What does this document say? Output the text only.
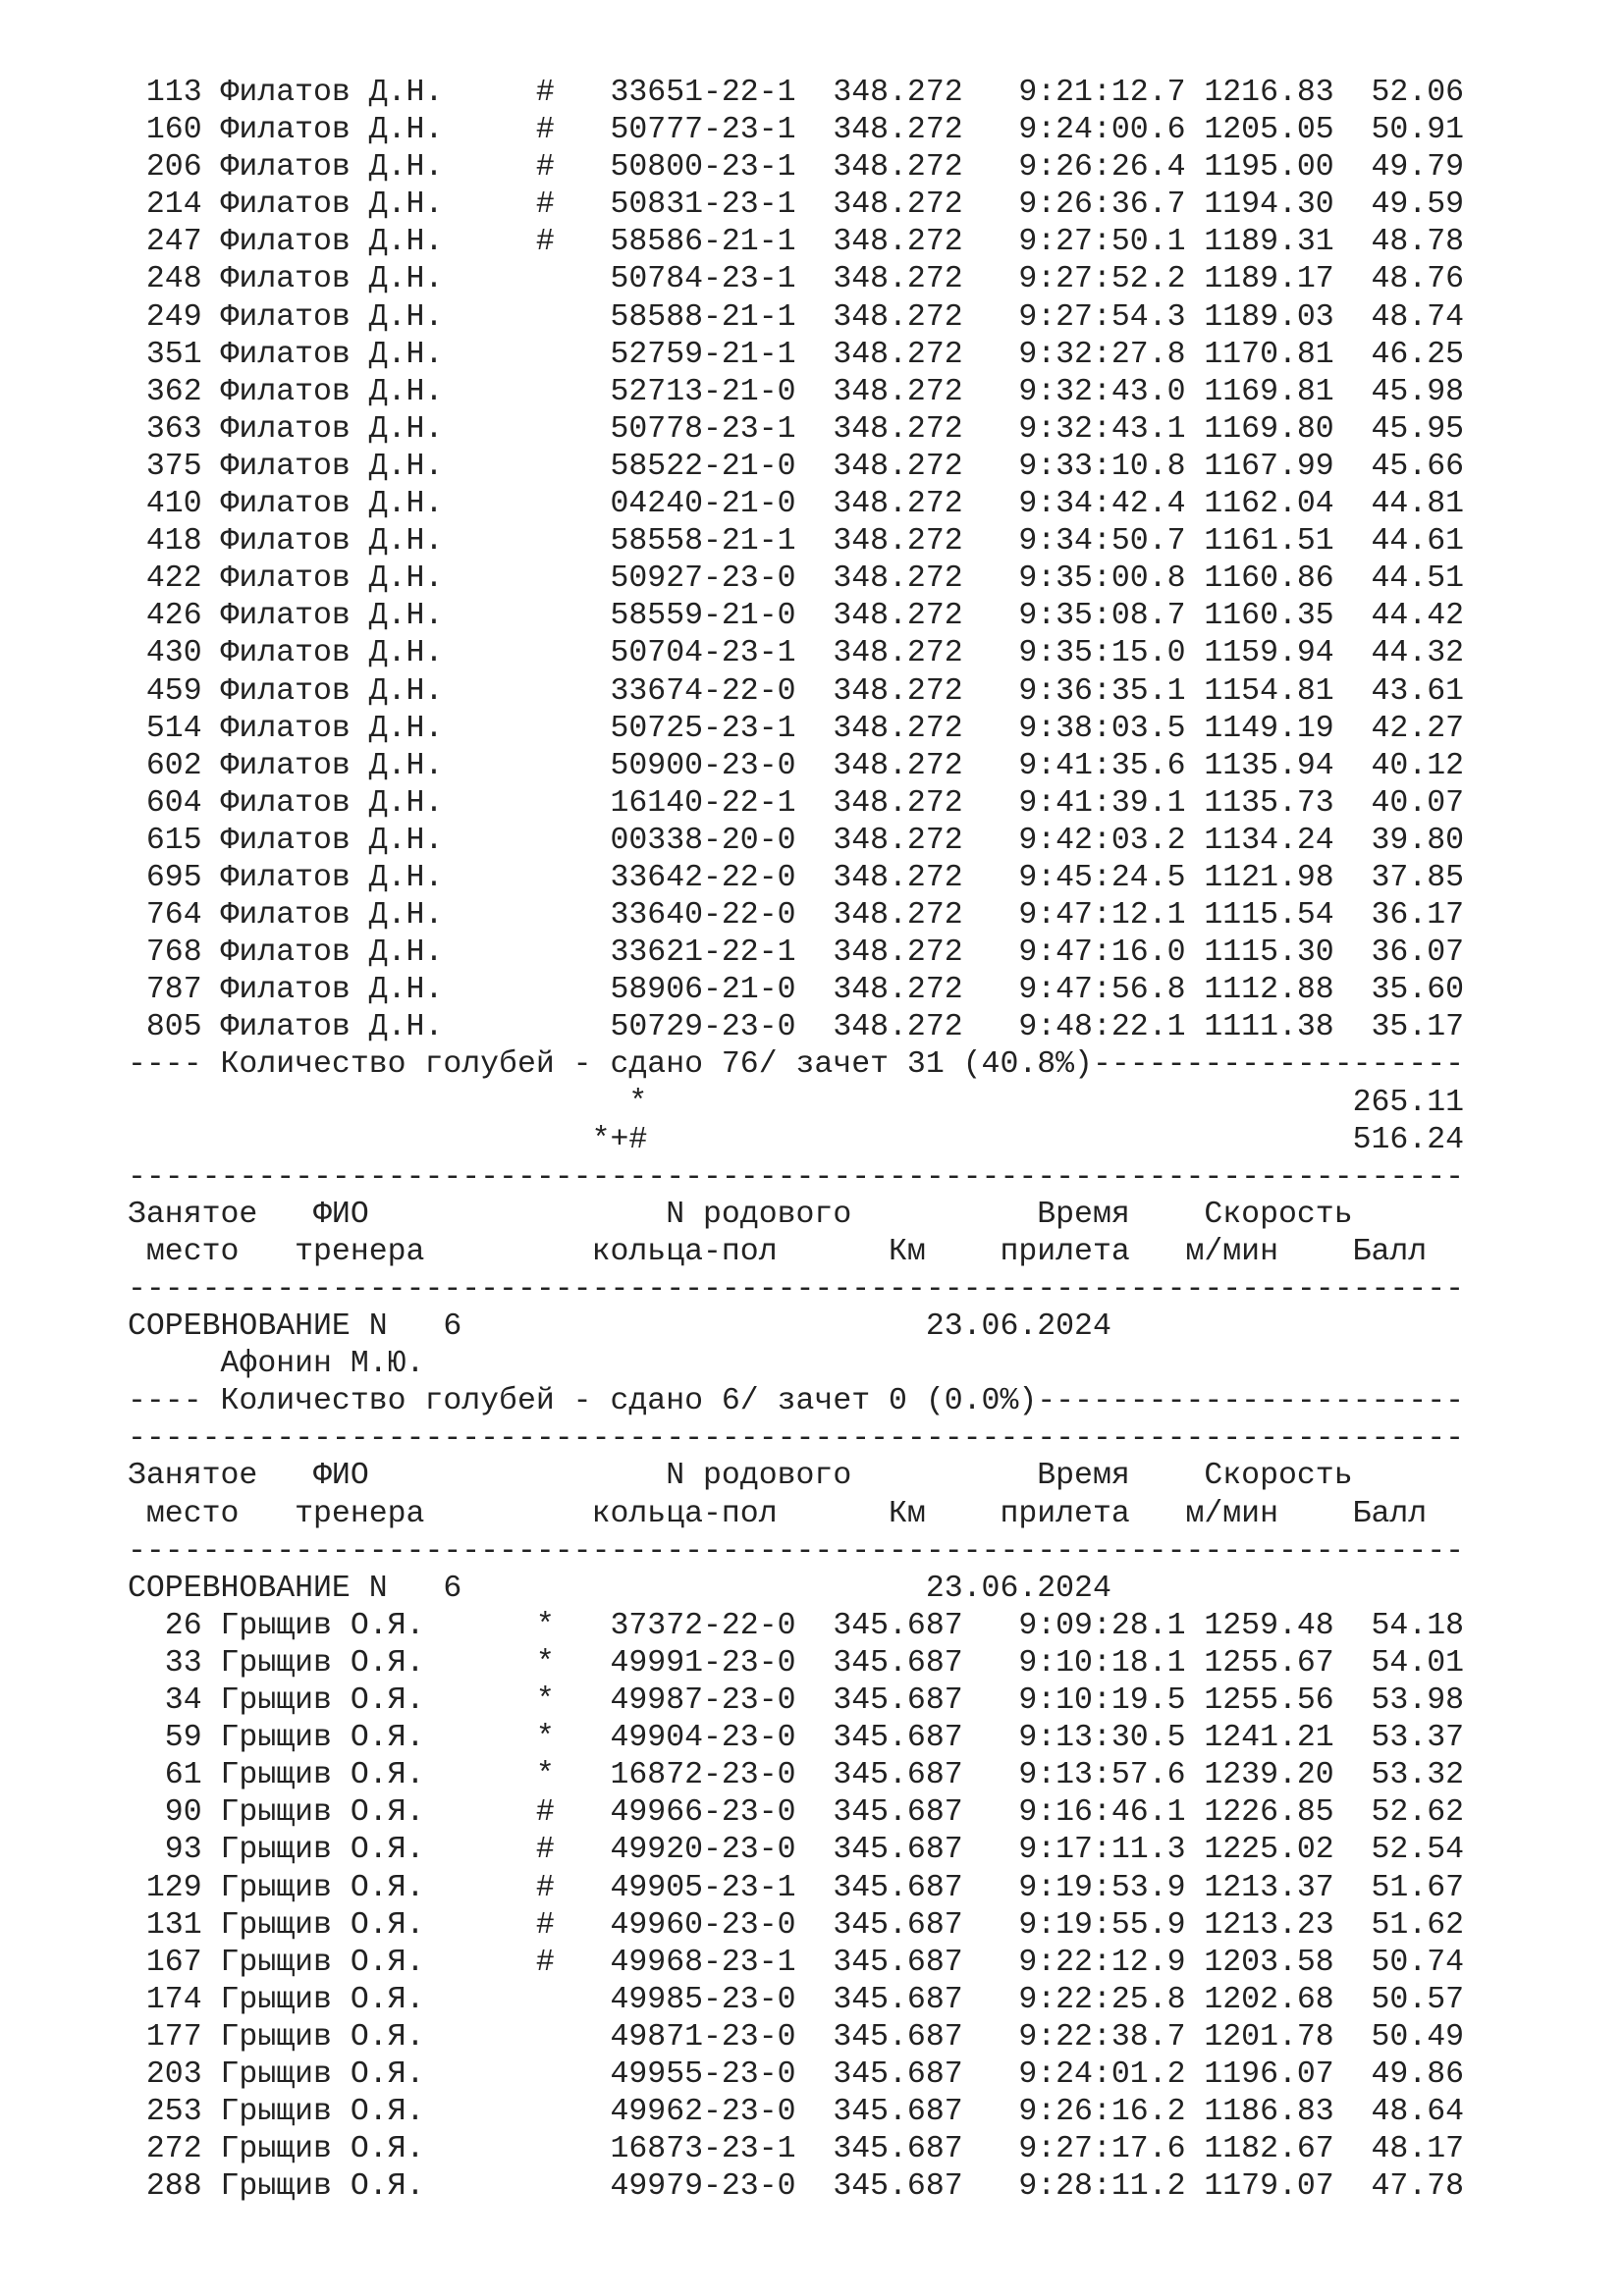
113 Филатов Д.Н.     #   33651-22-1  348.272   9:21:12.7 1216.83  52.06
160 Филатов Д.Н.     #   50777-23-1  348.272   9:24:00.6 1205.05  50.91
206 Филатов Д.Н.     #   50800-23-1  348.272   9:26:26.4 1195.00  49.79
214 Филатов Д.Н.     #   50831-23-1  348.272   9:26:36.7 1194.30  49.59
247 Филатов Д.Н.     #   58586-21-1  348.272   9:27:50.1 1189.31  48.78
248 Филатов Д.Н.         50784-23-1  348.272   9:27:52.2 1189.17  48.76
249 Филатов Д.Н.         58588-21-1  348.272   9:27:54.3 1189.03  48.74
351 Филатов Д.Н.         52759-21-1  348.272   9:32:27.8 1170.81  46.25
362 Филатов Д.Н.         52713-21-0  348.272   9:32:43.0 1169.81  45.98
363 Филатов Д.Н.         50778-23-1  348.272   9:32:43.1 1169.80  45.95
375 Филатов Д.Н.         58522-21-0  348.272   9:33:10.8 1167.99  45.66
410 Филатов Д.Н.         04240-21-0  348.272   9:34:42.4 1162.04  44.81
418 Филатов Д.Н.         58558-21-1  348.272   9:34:50.7 1161.51  44.61
422 Филатов Д.Н.         50927-23-0  348.272   9:35:00.8 1160.86  44.51
426 Филатов Д.Н.         58559-21-0  348.272   9:35:08.7 1160.35  44.42
430 Филатов Д.Н.         50704-23-1  348.272   9:35:15.0 1159.94  44.32
459 Филатов Д.Н.         33674-22-0  348.272   9:36:35.1 1154.81  43.61
514 Филатов Д.Н.         50725-23-1  348.272   9:38:03.5 1149.19  42.27
602 Филатов Д.Н.         50900-23-0  348.272   9:41:35.6 1135.94  40.12
604 Филатов Д.Н.         16140-22-1  348.272   9:41:39.1 1135.73  40.07
615 Филатов Д.Н.         00338-20-0  348.272   9:42:03.2 1134.24  39.80
695 Филатов Д.Н.         33642-22-0  348.272   9:45:24.5 1121.98  37.85
764 Филатов Д.Н.         33640-22-0  348.272   9:47:12.1 1115.54  36.17
768 Филатов Д.Н.         33621-22-1  348.272   9:47:16.0 1115.30  36.07
787 Филатов Д.Н.         58906-21-0  348.272   9:47:56.8 1112.88  35.60
805 Филатов Д.Н.         50729-23-0  348.272   9:48:22.1 1111.38  35.17
---- Количество голубей - сдано 76/ зачет 31 (40.8%)--------------------
*                                      265.11
*+#                                      516.24
------------------------------------------------------------------------
Занятое   ФИО                N родового          Время    Скорость
место   тренера         кольца-пол      Км    прилета   м/мин    Балл
------------------------------------------------------------------------
СОРЕВНОВАНИЕ N   6                         23.06.2024
Афонин М.Ю.
---- Количество голубей - сдано 6/ зачет 0 (0.0%)-----------------------
------------------------------------------------------------------------
Занятое   ФИО                N родового          Время    Скорость
место   тренера         кольца-пол      Км    прилета   м/мин    Балл
------------------------------------------------------------------------
СОРЕВНОВАНИЕ N   6                         23.06.2024
26 Грыщив О.Я.      *   37372-22-0  345.687   9:09:28.1 1259.48  54.18
33 Грыщив О.Я.      *   49991-23-0  345.687   9:10:18.1 1255.67  54.01
34 Грыщив О.Я.      *   49987-23-0  345.687   9:10:19.5 1255.56  53.98
59 Грыщив О.Я.      *   49904-23-0  345.687   9:13:30.5 1241.21  53.37
61 Грыщив О.Я.      *   16872-23-0  345.687   9:13:57.6 1239.20  53.32
90 Грыщив О.Я.      #   49966-23-0  345.687   9:16:46.1 1226.85  52.62
93 Грыщив О.Я.      #   49920-23-0  345.687   9:17:11.3 1225.02  52.54
129 Грыщив О.Я.      #   49905-23-1  345.687   9:19:53.9 1213.37  51.67
131 Грыщив О.Я.      #   49960-23-0  345.687   9:19:55.9 1213.23  51.62
167 Грыщив О.Я.      #   49968-23-1  345.687   9:22:12.9 1203.58  50.74
174 Грыщив О.Я.          49985-23-0  345.687   9:22:25.8 1202.68  50.57
177 Грыщив О.Я.          49871-23-0  345.687   9:22:38.7 1201.78  50.49
203 Грыщив О.Я.          49955-23-0  345.687   9:24:01.2 1196.07  49.86
253 Грыщив О.Я.          49962-23-0  345.687   9:26:16.2 1186.83  48.64
272 Грыщив О.Я.          16873-23-1  345.687   9:27:17.6 1182.67  48.17
288 Грыщив О.Я.          49979-23-0  345.687   9:28:11.2 1179.07  47.78
